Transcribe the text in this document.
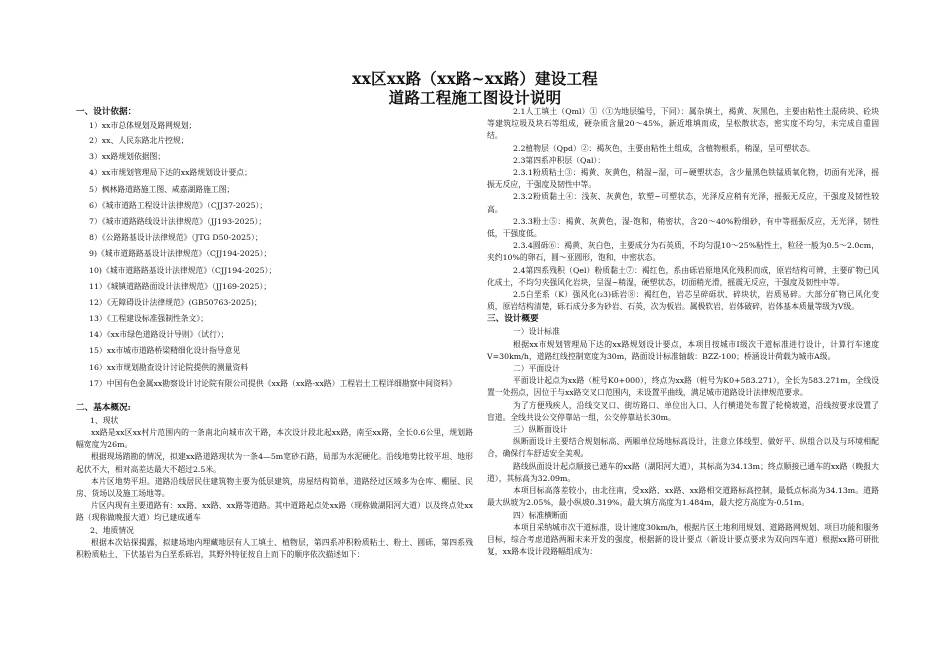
xx区xx路（xx路~xx路）建设工程
道路工程施工图设计说明
一、设计依据：
1）xx市总体规划及路网规划；
2）xx、人民东路北片控规；
3）xx路规划依据图；
4）xx市规划管理局下达的xx路规划设计要点；
5）枫林路道路施工图、咸嘉湖路施工图；
6）《城市道路工程设计法律规范》（CJJ37-2025）；
7）《城市道路路线设计法律规范》（JJ193-2025）；
8）《公路路基设计法律规范》（JTG D50-2025）；
9)《城市道路路基设计法律规范》（CJJ194-2025）；
10)《城市道路路基设计法律规范》（CJJ194-2025）；
11）《城镇道路路面设计法律规范》（JJ169-2025）；
12）《无障碍设计法律规范》(GB50763-2025)；
13）《工程建设标准强制性条文》；
14）《xx市绿色道路设计导则》（试行）；
15）xx市城市道路桥梁精细化设计指导意见
16）xx市规划勘查设计讨论院提供的测量资料
17）中国有色金属xx勘察设计讨论院有限公司提供《xx路（xx路-xx路）工程岩土工程详细勘察中间资料》
二、基本概况:
1、现状
xx路是xx区xx村片范围内的一条南北向城市次干路，本次设计段北起xx路，南至xx路，全长0.6公里，规划路幅宽度为26m。
根据现场踏勘的情况，拟建xx路道路现状为一条4—5m宽砂石路，局部为水泥硬化。沿线地势比较平坦、地形起伏不大，相对高差达最大不超过2.5米。
本片区地势平坦。道路沿线居民住建筑物主要为低层建筑，房屋结构简单，道路经过区域多为仓库、棚屋、民房、货场以及施工场地等。
片区内现有主要道路有：xx路、xx路、xx路等道路。其中道路起点处xx路（现称做湖阳河大道）以及终点处xx路（现称做晚报大道）均已建成通车
2、地质情况
根据本次钻探揭露，拟建场地内埋藏地层有人工填土、植物层，第四系冲积粉质粘土、粉土、圆砾，第四系残积粉质粘土、下伏基岩为白垩系砾岩，其野外特征按自上而下的顺序依次描述如下：
2.1人工填土（Qml）①（①为地层编号，下同）：属杂填土，褐黄、灰黑色，主要由粘性土混砖块、砼块等建筑垃圾及块石等组成，硬杂质含量20～45%，新近堆填而成，呈松散状态，密实度不均匀，未完成自重固结。
2.2植物层（Qpd）②：褐灰色，主要由粘性土组成，含植物根系，稍湿，呈可塑状态。
2.3第四系冲积层（Qal）：
2.3.1粉质粘土③：褐黄、灰黄色，稍湿~湿，可~硬塑状态，含少量黑色铁锰质氧化物，切面有光泽，摇振无反应，干强度及韧性中等。
2.3.2粉质黏土④：浅灰、灰黄色，软塑~可塑状态，光泽反应稍有光泽，摇振无反应，干强度及韧性较高。
2.3.3粉土⑤：褐黄、灰黄色，湿-饱和，稍密状，含20～40%粉细砂，有中等摇振反应，无光泽，韧性低，干强度低。
2.3.4圆砾⑥：褐黄、灰白色，主要成分为石英质，不均匀混10～25%粘性土，粒径一般为0.5～2.0cm，夹约10%的卵石，圆～亚圆形，饱和，中密状态。
2.4第四系残积（Qel）粉质黏土⑦：褐红色，系由砾岩原地风化残积而成，原岩结构可辨，主要矿物已风化成土，不均匀夹强风化岩块，呈湿~稍湿，硬塑状态，切面稍光滑，摇震无反应，干强度及韧性中等。
2.5白垩系（K）强风化(₂3)砾岩⑧：褐红色，岩芯呈碎砾状、碎块状，岩质易碎。大部分矿物已风化变质，原岩结构清楚，砾石成分多为砂岩、石英，次为板岩。属极软岩，岩体破碎，岩体基本质量等级为V级。
三、设计概要
一）设计标准
根据xx市规划管理局下达的xx路规划设计要点，本项目按城市Ⅰ级次干道标准进行设计，计算行车速度V=30km/h，道路红线控制宽度为30m，路面设计标准轴载：BZZ-100；桥涵设计荷载为城市A级。
二）平面设计
平面设计起点为xx路（桩号K0+000），终点为xx路（桩号为K0+583.271），全长为583.271m，全线设置一处拐点，因位于与xx路交叉口范围内，未设置平曲线，满足城市道路设计法律规范要求。
为了方便残疾人，沿线交叉口、街坊路口、单位出入口、人行横道处布置了轮椅坡道，沿线按要求设置了盲道。全线共设公交停靠站一组，公交停靠站长30m。
三）纵断面设计
纵断面设计主要结合规划标高、两厢单位场地标高设计，注意立体线型、做好平、纵组合以及与环境相配合，确保行车舒适安全美观。
路线纵面设计起点顺接已通车的xx路（湖阳河大道），其标高为34.13m；终点顺接已通车的xx路（晚报大道），其标高为32.09m。
本项目标高落差较小，由北往南，受xx路、xx路、xx路相交道路标高控制，最低点标高为34.13m。道路最大纵坡为2.05%，最小纵坡0.319%。最大填方高度为1.484m，最大挖方高度为-0.51m。
四）标准横断面
本项目采纳城市次干道标准，设计速度30km/h，根据片区土地利用规划、道路路网规划、项目功能和服务目标，综合考虑道路两厢未来开发的强度，根据新的设计要点（新设计要点要求为双向四车道）根据xx路可研批复，xx路本设计段路幅组成为：
